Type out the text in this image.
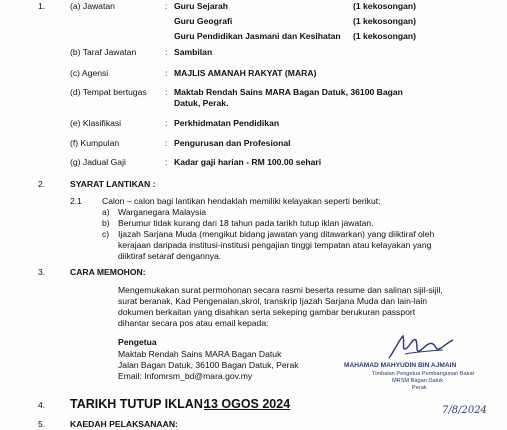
1.	(a) Jawatan	: Guru Sejarah	(1 kekosongan)
Guru Geografi	(1 kekosongan)
Guru Pendidikan Jasmani dan Kesihatan (1 kekosongan)
(b) Taraf Jawatan	: Sambilan
(c) Agensi	: MAJLIS AMANAH RAKYAT (MARA)
(d) Tempat bertugas : Maktab Rendah Sains MARA Bagan Datuk, 36100 Bagan
Datuk, Perak.
(e) Klasifikasi	: Perkhidmatan Pendidikan
(f) Kumpulan	: Pengurusan dan Profesional
(g) Jadual Gaji	: Kadar gaji harian - RM 100.00 sehari
2.	SYARAT LANTIKAN :
2.1 Calon – calon bagi lantikan hendaklah memiliki kelayakan seperti berikut:
a) Warganegara Malaysia
b) Berumur tidak kurang dari 18 tahun pada tarikh tutup iklan jawatan.
c) Ijazah Sarjana Muda (mengikut bidang jawatan yang ditawarkan) yang diiktiraf oleh
kerajaan daripada institusi-institusi pengajian tinggi tempatan atau kelayakan yang
diiktiraf setaraf dengannya.
3.	CARA MEMOHON:
Mengemukakan surat permohonan secara rasmi beserta resume dan salinan sijil-sijil,
surat beranak, Kad Pengenalan,skrol, transkrip Ijazah Sarjana Muda dan lain-lain
dokumen berkaitan yang disahkan serta sekeping gambar berukuran passport
dihantar secara pos atau email kepada:
Pengetua
Maktab Rendah Sains MARA Bagan Datuk
Jalan Bagan Datuk, 36100 Bagan Datuk, Perak
Email: Infomrsm_bd@mara.gov.my
MAHAMAD MAHYUDIN BIN AJMAIN
Timbalan Pengetua Pembangunan Bakat
MRSM Bagan Datuk
Perak
7/8/2024
4. TARIKH TUTUP IKLAN:
13 OGOS 2024
5.	KAEDAH PELAKSANAAN:
